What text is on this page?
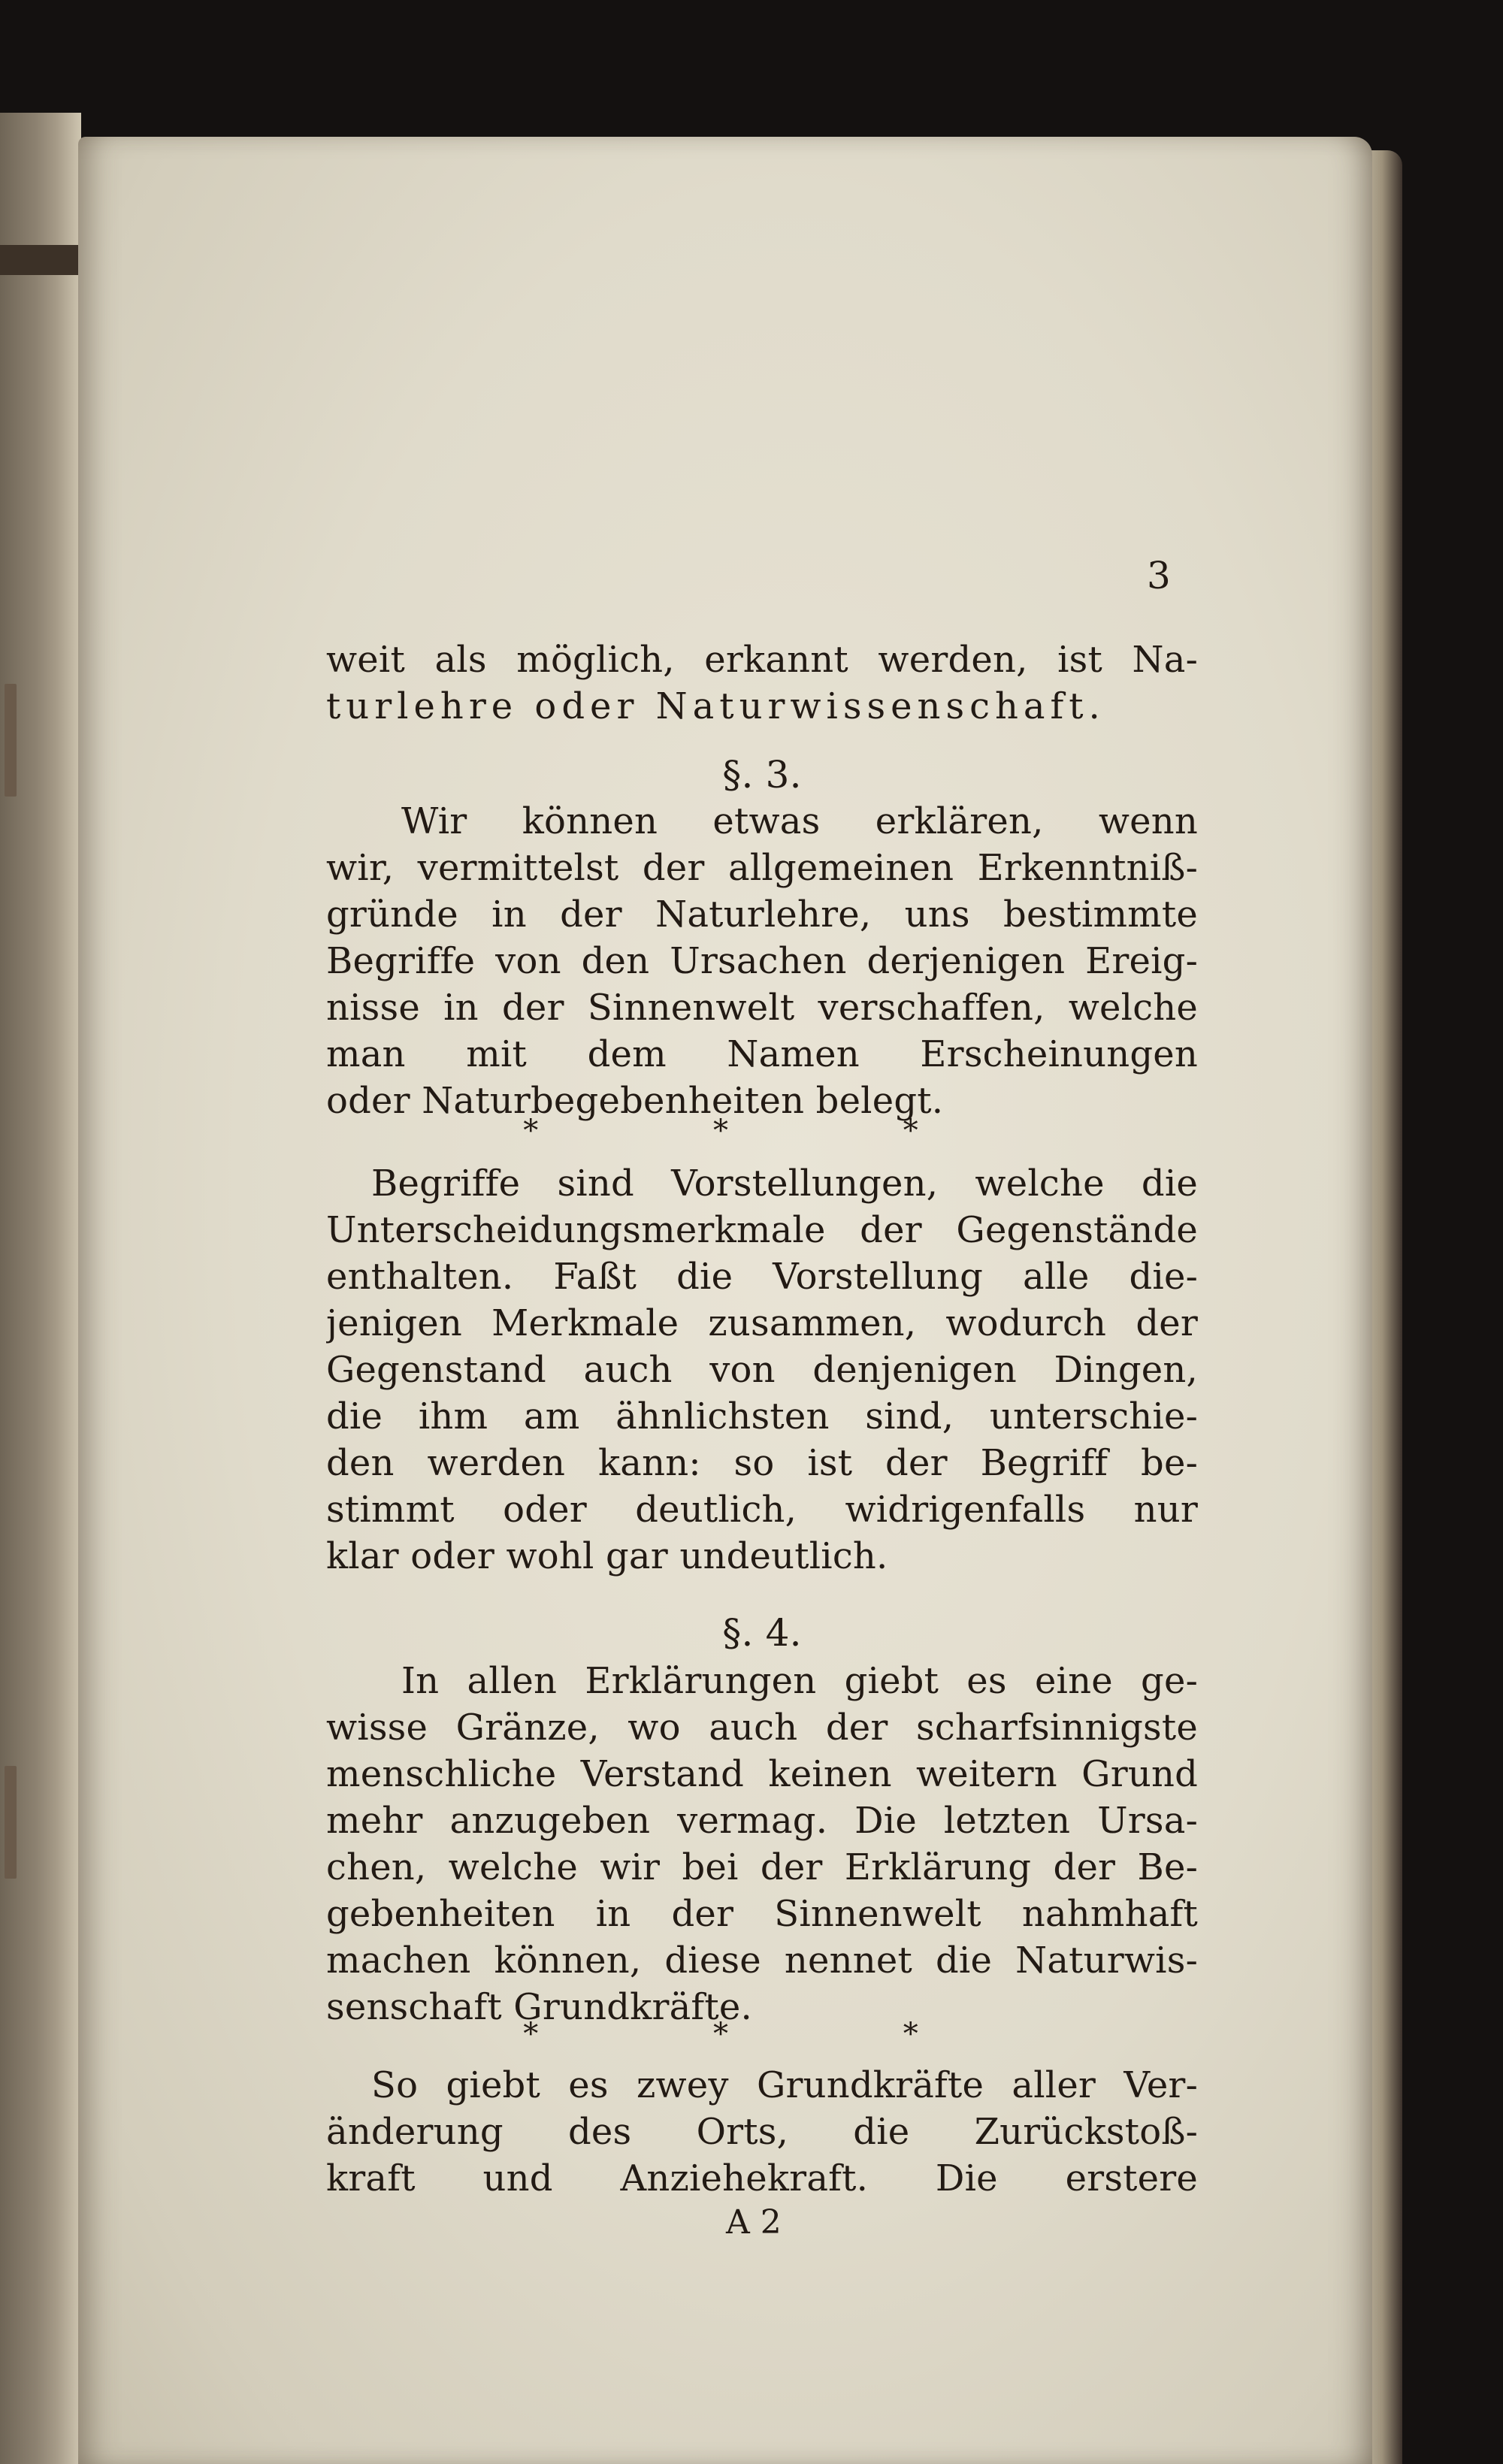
3
weit als möglich, erkannt werden, ist Na-
turlehre oder Naturwissenschaft.
§. 3.
Wir können etwas erklären, wenn
wir, vermittelst der allgemeinen Erkenntniß-
gründe in der Naturlehre, uns bestimmte
Begriffe von den Ursachen derjenigen Ereig-
nisse in der Sinnenwelt verschaffen, welche
man mit dem Namen Erscheinungen
oder Naturbegebenheiten belegt.
* * *
Begriffe sind Vorstellungen, welche die
Unterscheidungsmerkmale der Gegenstände
enthalten. Faßt die Vorstellung alle die-
jenigen Merkmale zusammen, wodurch der
Gegenstand auch von denjenigen Dingen,
die ihm am ähnlichsten sind, unterschie-
den werden kann: so ist der Begriff be-
stimmt oder deutlich, widrigenfalls nur
klar oder wohl gar undeutlich.
§. 4.
In allen Erklärungen giebt es eine ge-
wisse Gränze, wo auch der scharfsinnigste
menschliche Verstand keinen weitern Grund
mehr anzugeben vermag. Die letzten Ursa-
chen, welche wir bei der Erklärung der Be-
gebenheiten in der Sinnenwelt nahmhaft
machen können, diese nennet die Naturwis-
senschaft Grundkräfte.
* * *
So giebt es zwey Grundkräfte aller Ver-
änderung des Orts, die Zurückstoß-
kraft und Anziehekraft. Die erstere
A 2
